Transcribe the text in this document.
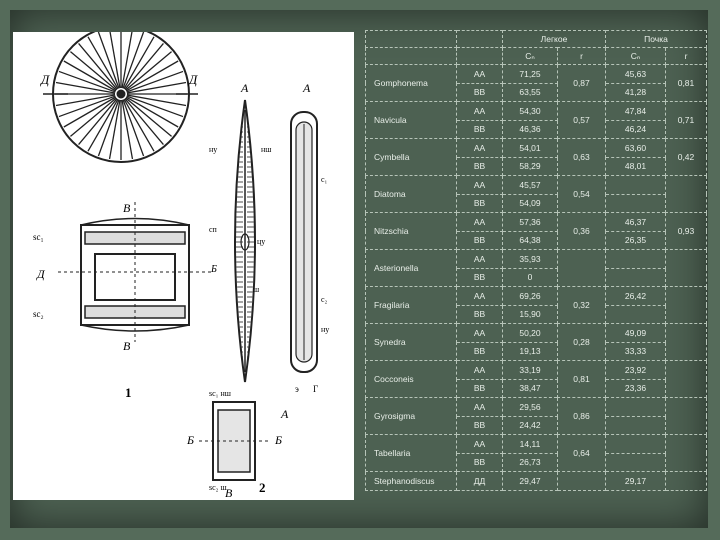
Д	Д
В
В
Д
sc₁
sc₂
1
A
ну	нш
сп
цу
ш
Б
A
c₁
c₂
ну
э Г
sc₁ нш
sc₂ ш
Б	Б
В 2
A
		Легкое		Почка	
		Cₙ	r	Cₙ	r
Gomphonema	AA	71,25	0,87	45,63	0,81
	BB	63,55		41,28	
Navicula	AA	54,30	0,57	47,84	0,71
	BB	46,36		46,24	
Cymbella	AA	54,01	0,63	63,60	0,42
	BB	58,29		48,01	
Diatoma	AA	45,57	0,54		
	BB	54,09			
Nitzschia	AA	57,36	0,36	46,37	0,93
	BB	64,38		26,35	
Asterionella	AA	35,93			
	BB	0			
Fragilaria	AA	69,26	0,32	26,42	
	BB	15,90			
Synedra	AA	50,20	0,28	49,09	
	BB	19,13		33,33	
Cocconeis	AA	33,19	0,81	23,92	
	BB	38,47		23,36	
Gyrosigma	AA	29,56	0,86		
	BB	24,42			
Tabellaria	AA	14,11	0,64		
	BB	26,73			
Stephanodiscus	ДД	29,47		29,17	
